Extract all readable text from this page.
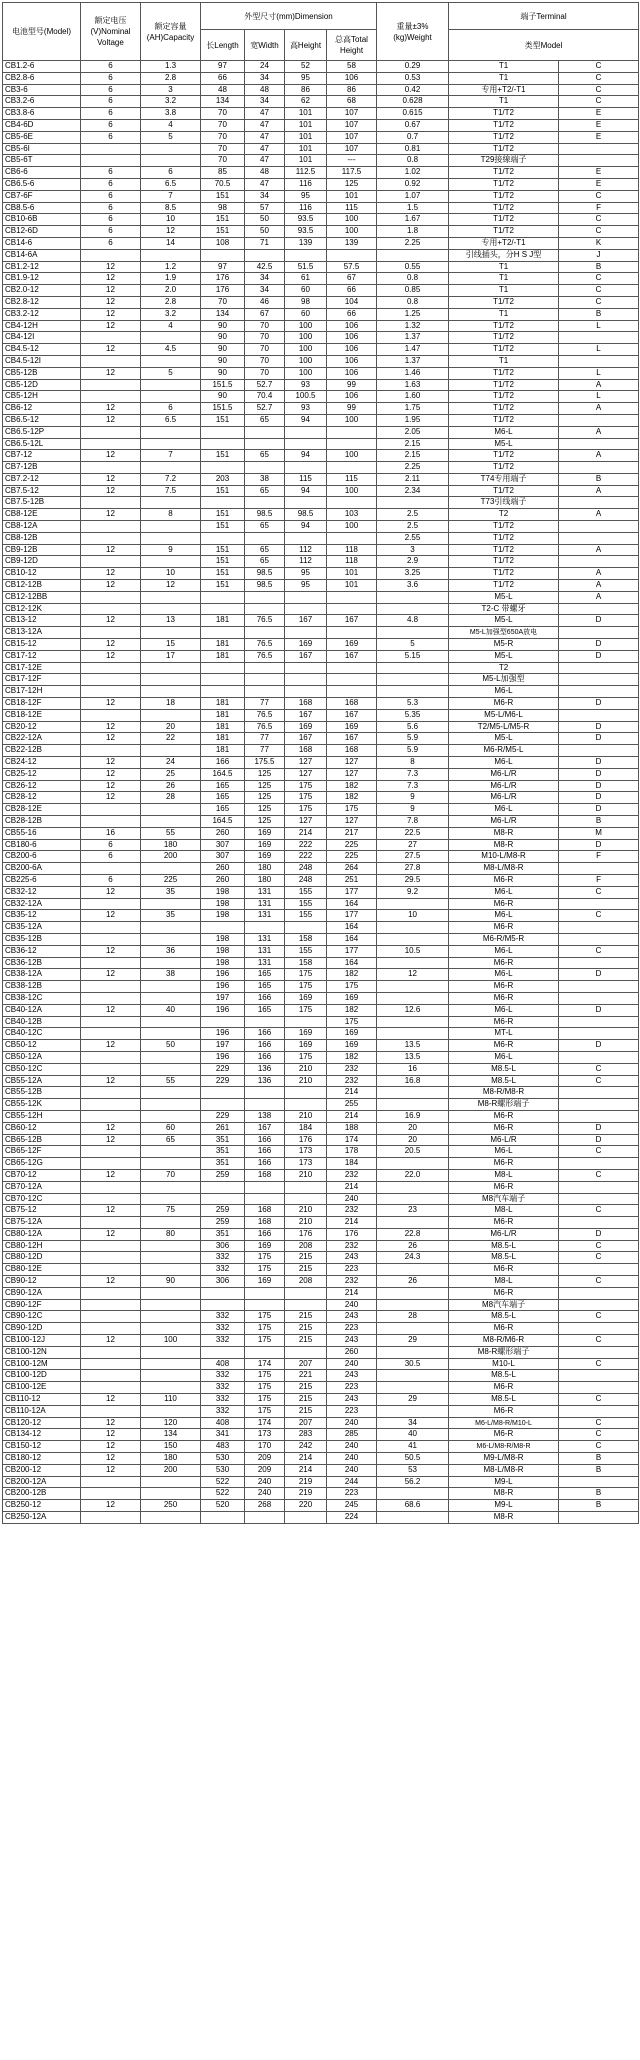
电池型号(Model)	额定电压 (V)Nominal Voltage	额定容量(AH)Capacity	外型尺寸(mm)Dimension				重量±3% (kg)Weight	端子Terminal	
			长Length	宽Width	高Height	总高Total Height		类型Model	
CB1.2-6	6	1.3	97	24	52	58	0.29	T1	C
CB2.8-6	6	2.8	66	34	95	106	0.53	T1	C
CB3-6	6	3	48	48	86	86	0.42	专用+T2/-T1	C
CB3.2-6	6	3.2	134	34	62	68	0.628	T1	C
CB3.8-6	6	3.8	70	47	101	107	0.615	T1/T2	E
CB4-6D	6	4	70	47	101	107	0.67	T1/T2	E
CB5-6E	6	5	70	47	101	107	0.7	T1/T2	E
CB5-6I			70	47	101	107	0.81	T1/T2	
CB5-6T			70	47	101	---	0.8	T29接線端子	
CB6-6	6	6	85	48	112.5	117.5	1.02	T1/T2	E
CB6.5-6	6	6.5	70.5	47	116	125	0.92	T1/T2	E
CB7-6F	6	7	151	34	95	101	1.07	T1/T2	C
CB8.5-6	6	8.5	98	57	116	115	1.5	T1/T2	F
CB10-6B	6	10	151	50	93.5	100	1.67	T1/T2	C
CB12-6D	6	12	151	50	93.5	100	1.8	T1/T2	C
CB14-6	6	14	108	71	139	139	2.25	专用+T2/-T1	K
CB14-6A								引线插头，分H S J型	J
CB1.2-12	12	1.2	97	42.5	51.5	57.5	0.55	T1	B
CB1.9-12	12	1.9	176	34	61	67	0.8	T1	C
CB2.0-12	12	2.0	176	34	60	66	0.85	T1	C
CB2.8-12	12	2.8	70	46	98	104	0.8	T1/T2	C
CB3.2-12	12	3.2	134	67	60	66	1.25	T1	B
CB4-12H	12	4	90	70	100	106	1.32	T1/T2	L
CB4-12I			90	70	100	106	1.37	T1/T2	
CB4.5-12	12	4.5	90	70	100	106	1.47	T1/T2	L
CB4.5-12I			90	70	100	106	1.37	T1	
CB5-12B	12	5	90	70	100	106	1.46	T1/T2	L
CB5-12D			151.5	52.7	93	99	1.63	T1/T2	A
CB5-12H			90	70.4	100.5	106	1.60	T1/T2	L
CB6-12	12	6	151.5	52.7	93	99	1.75	T1/T2	A
CB6.5-12	12	6.5	151	65	94	100	1.95	T1/T2	
CB6.5-12P							2.05	M6-L	A
CB6.5-12L							2.15	M5-L	
CB7-12	12	7	151	65	94	100	2.15	T1/T2	A
CB7-12B							2.25	T1/T2	
CB7.2-12	12	7.2	203	38	115	115	2.11	T74专用端子	B
CB7.5-12	12	7.5	151	65	94	100	2.34	T1/T2	A
CB7.5-12B								T73引线端子	
CB8-12E	12	8	151	98.5	98.5	103	2.5	T2	A
CB8-12A			151	65	94	100	2.5	T1/T2	
CB8-12B							2.55	T1/T2	
CB9-12B	12	9	151	65	112	118	3	T1/T2	A
CB9-12D			151	65	112	118	2.9	T1/T2	
CB10-12	12	10	151	98.5	95	101	3.25	T1/T2	A
CB12-12B	12	12	151	98.5	95	101	3.6	T1/T2	A
CB12-12BB								M5-L	A
CB12-12K								T2-C 带螺牙	
CB13-12	12	13	181	76.5	167	167	4.8	M5-L	D
CB13-12A								M5-L加强型650A放电	
CB15-12	12	15	181	76.5	169	169	5	M5-R	D
CB17-12	12	17	181	76.5	167	167	5.15	M5-L	D
CB17-12E								T2	
CB17-12F								M5-L加强型	
CB17-12H								M6-L	
CB18-12F	12	18	181	77	168	168	5.3	M6-R	D
CB18-12E			181	76.5	167	167	5.35	M5-L/M6-L	
CB20-12	12	20	181	76.5	169	169	5.6	T2/M5-L/M5-R	D
CB22-12A	12	22	181	77	167	167	5.9	M5-L	D
CB22-12B			181	77	168	168	5.9	M6-R/M5-L	
CB24-12	12	24	166	175.5	127	127	8	M6-L	D
CB25-12	12	25	164.5	125	127	127	7.3	M6-L/R	D
CB26-12	12	26	165	125	175	182	7.3	M6-L/R	D
CB28-12	12	28	165	125	175	182	9	M6-L/R	D
CB28-12E			165	125	175	175	9	M6-L	D
CB28-12B			164.5	125	127	127	7.8	M6-L/R	B
CB55-16	16	55	260	169	214	217	22.5	M8-R	M
CB180-6	6	180	307	169	222	225	27	M8-R	D
CB200-6	6	200	307	169	222	225	27.5	M10-L/M8-R	F
CB200-6A			260	180	248	264	27.8	M8-L/M8-R	
CB225-6	6	225	260	180	248	251	29.5	M6-R	F
CB32-12	12	35	198	131	155	177	9.2	M6-L	C
CB32-12A			198	131	155	164		M6-R	
CB35-12	12	35	198	131	155	177	10	M6-L	C
CB35-12A						164		M6-R	
CB35-12B			198	131	158	164		M6-R/M5-R	
CB36-12	12	36	198	131	155	177	10.5	M6-L	C
CB36-12B			198	131	158	164		M6-R	
CB38-12A	12	38	196	165	175	182	12	M6-L	D
CB38-12B			196	165	175	175		M6-R	
CB38-12C			197	166	169	169		M6-R	
CB40-12A	12	40	196	165	175	182	12.6	M6-L	D
CB40-12B						175		M6-R	
CB40-12C			196	166	169	169		MT-L	
CB50-12	12	50	197	166	169	169	13.5	M6-R	D
CB50-12A			196	166	175	182	13.5	M6-L	
CB50-12C			229	136	210	232	16	M8.5-L	C
CB55-12A	12	55	229	136	210	232	16.8	M8.5-L	C
CB55-12B						214		M8-R/M8-R	
CB55-12K						255		M8-R螺形端子	
CB55-12H			229	138	210	214	16.9	M6-R	
CB60-12	12	60	261	167	184	188	20	M6-R	D
CB65-12B	12	65	351	166	176	174	20	M6-L/R	D
CB65-12F			351	166	173	178	20.5	M6-L	C
CB65-12G			351	166	173	184		M6-R	
CB70-12	12	70	259	168	210	232	22.0	M8-L	C
CB70-12A						214		M6-R	
CB70-12C						240		M8汽车端子	
CB75-12	12	75	259	168	210	232	23	M8-L	C
CB75-12A			259	168	210	214		M6-R	
CB80-12A	12	80	351	166	176	176	22.8	M6-L/R	D
CB80-12H			306	169	208	232	26	M8.5-L	C
CB80-12D			332	175	215	243	24.3	M8.5-L	C
CB80-12E			332	175	215	223		M6-R	
CB90-12	12	90	306	169	208	232	26	M8-L	C
CB90-12A						214		M6-R	
CB90-12F						240		M8汽车端子	
CB90-12C			332	175	215	243	28	M8.5-L	C
CB90-12D			332	175	215	223		M6-R	
CB100-12J	12	100	332	175	215	243	29	M8-R/M6-R	C
CB100-12N						260		M8-R螺形端子	
CB100-12M			408	174	207	240	30.5	M10-L	C
CB100-12D			332	175	221	243		M8.5-L	
CB100-12E			332	175	215	223		M6-R	
CB110-12	12	110	332	175	215	243	29	M8.5-L	C
CB110-12A			332	175	215	223		M6-R	
CB120-12	12	120	408	174	207	240	34	M6-L/M8-R/M10-L	C
CB134-12	12	134	341	173	283	285	40	M6-R	C
CB150-12	12	150	483	170	242	240	41	M6-L/M8-R/M8-R	C
CB180-12	12	180	530	209	214	240	50.5	M9-L/M8-R	B
CB200-12	12	200	530	209	214	240	53	M8-L/M8-R	B
CB200-12A			522	240	219	244	56.2	M9-L	
CB200-12B			522	240	219	223		M8-R	B
CB250-12	12	250	520	268	220	245	68.6	M9-L	B
CB250-12A						224		M8-R	
